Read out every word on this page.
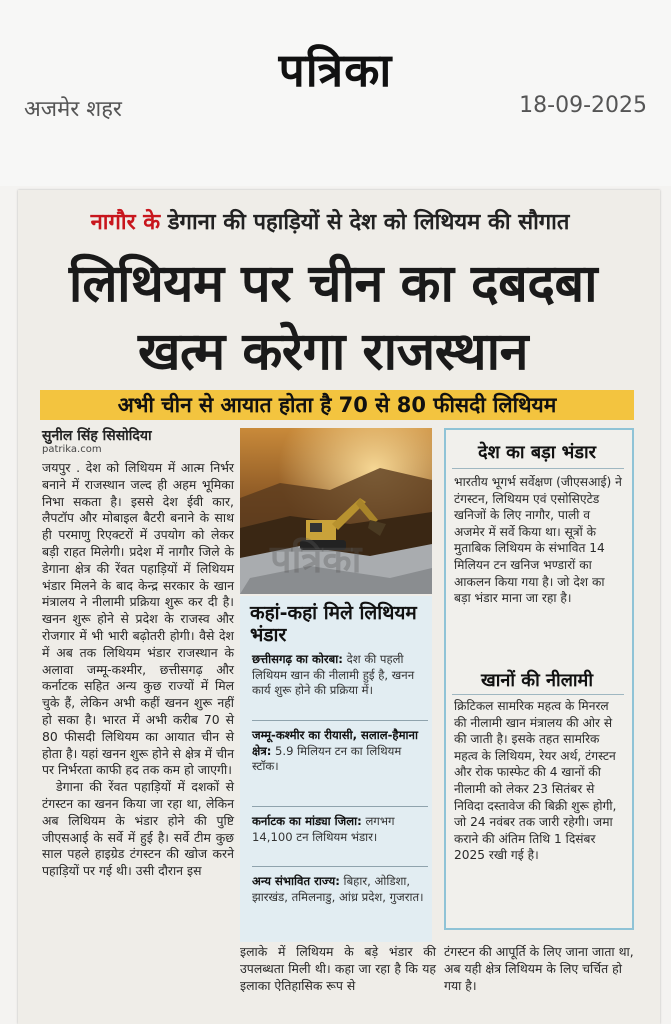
पत्रिका
अजमेर शहर	18-09-2025
नागौर के डेगाना की पहाड़ियों से देश को लिथियम की सौगात
लिथियम पर चीन का दबदबा
खत्म करेगा राजस्थान
अभी चीन से आयात होता है 70 से 80 फीसदी लिथियम
सुनील सिंह सिसोदिया
patrika.com

जयपुर . देश को लिथियम में आत्म निर्भर बनाने में राजस्थान जल्द ही अहम भूमिका निभा सकता है। इससे देश ईवी कार, लैपटॉप और मोबाइल बैटरी बनाने के साथ ही परमाणु रिएक्टरों में उपयोग को लेकर बड़ी राहत मिलेगी। प्रदेश में नागौर जिले के डेगाना क्षेत्र की रेंवत पहाड़ियों में लिथियम भंडार मिलने के बाद केन्द्र सरकार के खान मंत्रालय ने नीलामी प्रक्रिया शुरू कर दी है। खनन शुरू होने से प्रदेश के राजस्व और रोजगार में भी भारी बढ़ोतरी होगी। वैसे देश में अब तक लिथियम भंडार राजस्थान के अलावा जम्मू-कश्मीर, छत्तीसगढ़ और कर्नाटक सहित अन्य कुछ राज्यों में मिल चुके हैं, लेकिन अभी कहीं खनन शुरू नहीं हो सका है। भारत में अभी करीब 70 से 80 फीसदी लिथियम का आयात चीन से होता है। यहां खनन शुरू होने से क्षेत्र में चीन पर निर्भरता काफी हद तक कम हो जाएगी।

डेगाना की रेंवत पहाड़ियों में दशकों से टंगस्टन का खनन किया जा रहा था, लेकिन अब लिथियम के भंडार होने की पुष्टि जीएसआई के सर्वे में हुई है। सर्वे टीम कुछ साल पहले हाइग्रेड टंगस्टन की खोज करने पहाड़ियों पर गई थी। उसी दौरान इस

पत्रिका
कहां-कहां मिले लिथियम भंडार
छत्तीसगढ़ का कोरबा: देश की पहली लिथियम खान की नीलामी हुई है, खनन कार्य शुरू होने की प्रक्रिया में।
जम्मू-कश्मीर का रीयासी, सलाल-हैमाना क्षेत्र: 5.9 मिलियन टन का लिथियम स्टॉक।
कर्नाटक का मांड्या जिला: लगभग 14,100 टन लिथियम भंडार।
अन्य संभावित राज्य: बिहार, ओडिशा, झारखंड, तमिलनाडु, आंध्र प्रदेश, गुजरात।
इलाके में लिथियम के बड़े भंडार की उपलब्धता मिली थी। कहा जा रहा है कि यह इलाका ऐतिहासिक रूप से
देश का बड़ा भंडार
भारतीय भूगर्भ सर्वेक्षण (जीएसआई) ने टंगस्टन, लिथियम एवं एसोसिएटेड खनिजों के लिए नागौर, पाली व अजमेर में सर्वे किया था। सूत्रों के मुताबिक लिथियम के संभावित 14 मिलियन टन खनिज भण्डारों का आकलन किया गया है। जो देश का बड़ा भंडार माना जा रहा है।
खानों की नीलामी
क्रिटिकल सामरिक महत्व के मिनरल की नीलामी खान मंत्रालय की ओर से की जाती है। इसके तहत सामरिक महत्व के लिथियम, रेयर अर्थ, टंगस्टन और रोक फास्फेट की 4 खानों की नीलामी को लेकर 23 सितंबर से निविदा दस्तावेज की बिक्री शुरू होगी, जो 24 नवंबर तक जारी रहेगी। जमा कराने की अंतिम तिथि 1 दिसंबर 2025 रखी गई है।
टंगस्टन की आपूर्ति के लिए जाना जाता था, अब यही क्षेत्र लिथियम के लिए चर्चित हो गया है।
